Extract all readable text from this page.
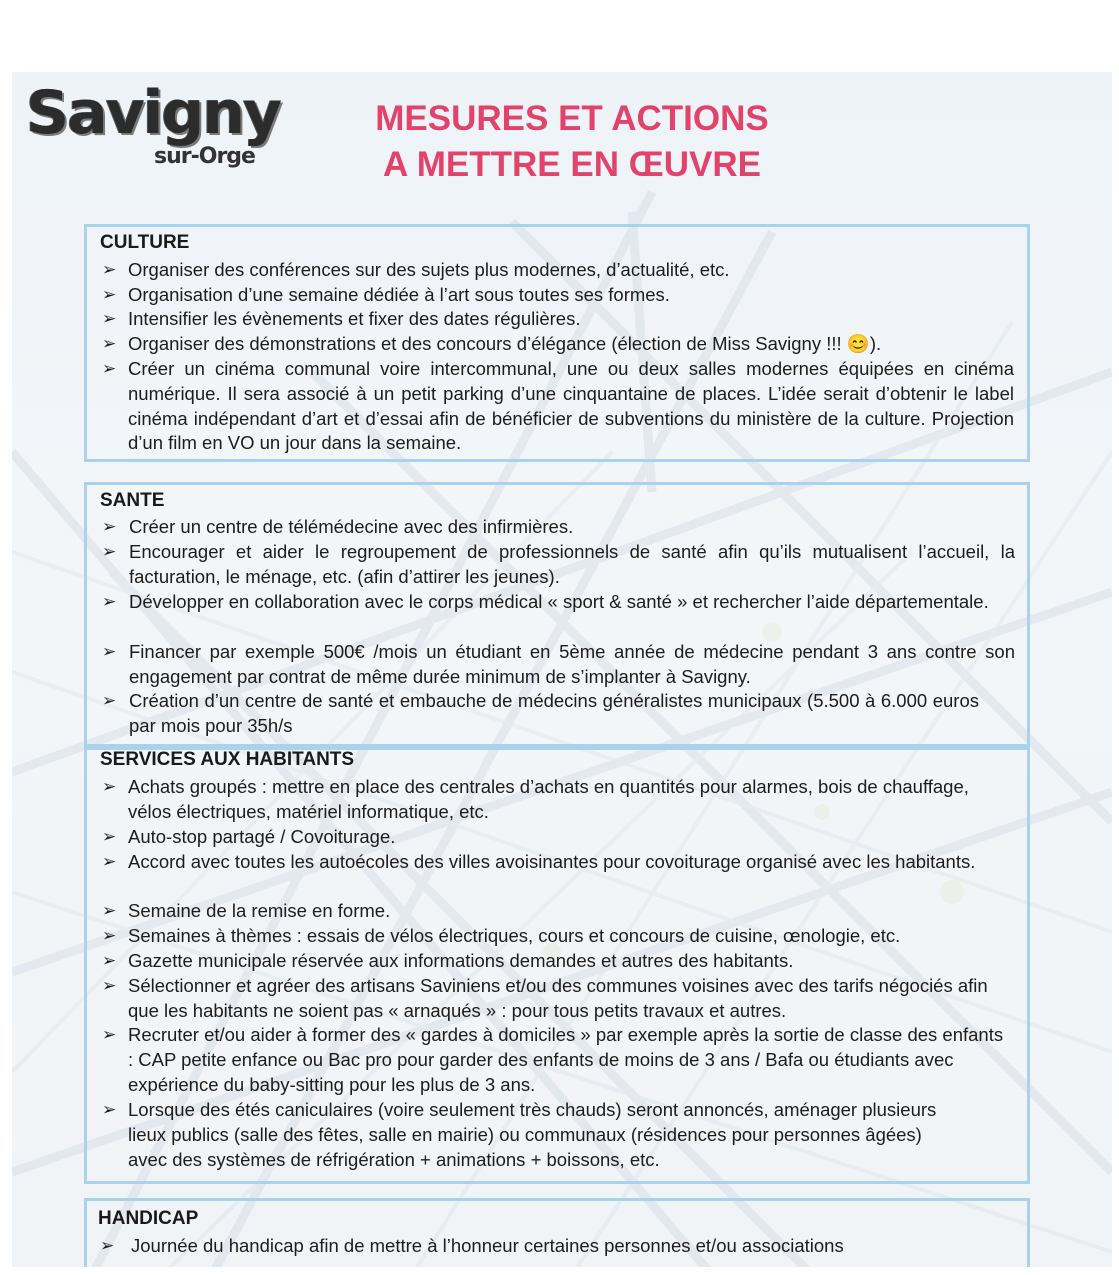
Savigny
sur-Orge
MESURES ET ACTIONS
A METTRE EN ŒUVRE
CULTURE
➢ Organiser des conférences sur des sujets plus modernes, d’actualité, etc.
➢ Organisation d’une semaine dédiée à l’art sous toutes ses formes.
➢ Intensifier les évènements et fixer des dates régulières.
➢ Organiser des démonstrations et des concours d’élégance (élection de Miss Savigny !!! 😊).
➢ Créer un cinéma communal voire intercommunal, une ou deux salles modernes équipées en cinéma numérique. Il sera associé à un petit parking d’une cinquantaine de places. L’idée serait d’obtenir le label cinéma indépendant d’art et d’essai afin de bénéficier de subventions du ministère de la culture. Projection d’un film en VO un jour dans la semaine.
SANTE
➢ Créer un centre de télémédecine avec des infirmières.
➢ Encourager et aider le regroupement de professionnels de santé afin qu’ils mutualisent l’accueil, la facturation, le ménage, etc. (afin d’attirer les jeunes).
➢ Développer en collaboration avec le corps médical « sport & santé » et rechercher l’aide départementale.
➢ Financer par exemple 500€ /mois un étudiant en 5ème année de médecine pendant 3 ans contre son engagement par contrat de même durée minimum de s’implanter à Savigny.
➢ Création d’un centre de santé et embauche de médecins généralistes municipaux (5.500 à 6.000 euros par mois pour 35h/s
SERVICES AUX HABITANTS
➢ Achats groupés : mettre en place des centrales d’achats en quantités pour alarmes, bois de chauffage, vélos électriques, matériel informatique, etc.
➢ Auto-stop partagé / Covoiturage.
➢ Accord avec toutes les autoécoles des villes avoisinantes pour covoiturage organisé avec les habitants.
➢ Semaine de la remise en forme.
➢ Semaines à thèmes : essais de vélos électriques, cours et concours de cuisine, œnologie, etc.
➢ Gazette municipale réservée aux informations demandes et autres des habitants.
➢ Sélectionner et agréer des artisans Saviniens et/ou des communes voisines avec des tarifs négociés afin que les habitants ne soient pas « arnaqués » : pour tous petits travaux et autres.
➢ Recruter et/ou aider à former des « gardes à domiciles » par exemple après la sortie de classe des enfants : CAP petite enfance ou Bac pro pour garder des enfants de moins de 3 ans / Bafa ou étudiants avec expérience du baby-sitting pour les plus de 3 ans.
➢ Lorsque des étés caniculaires (voire seulement très chauds) seront annoncés, aménager plusieurs lieux publics (salle des fêtes, salle en mairie) ou communaux (résidences pour personnes âgées) avec des systèmes de réfrigération + animations + boissons, etc.
HANDICAP
➢ Journée du handicap afin de mettre à l’honneur certaines personnes et/ou associations
